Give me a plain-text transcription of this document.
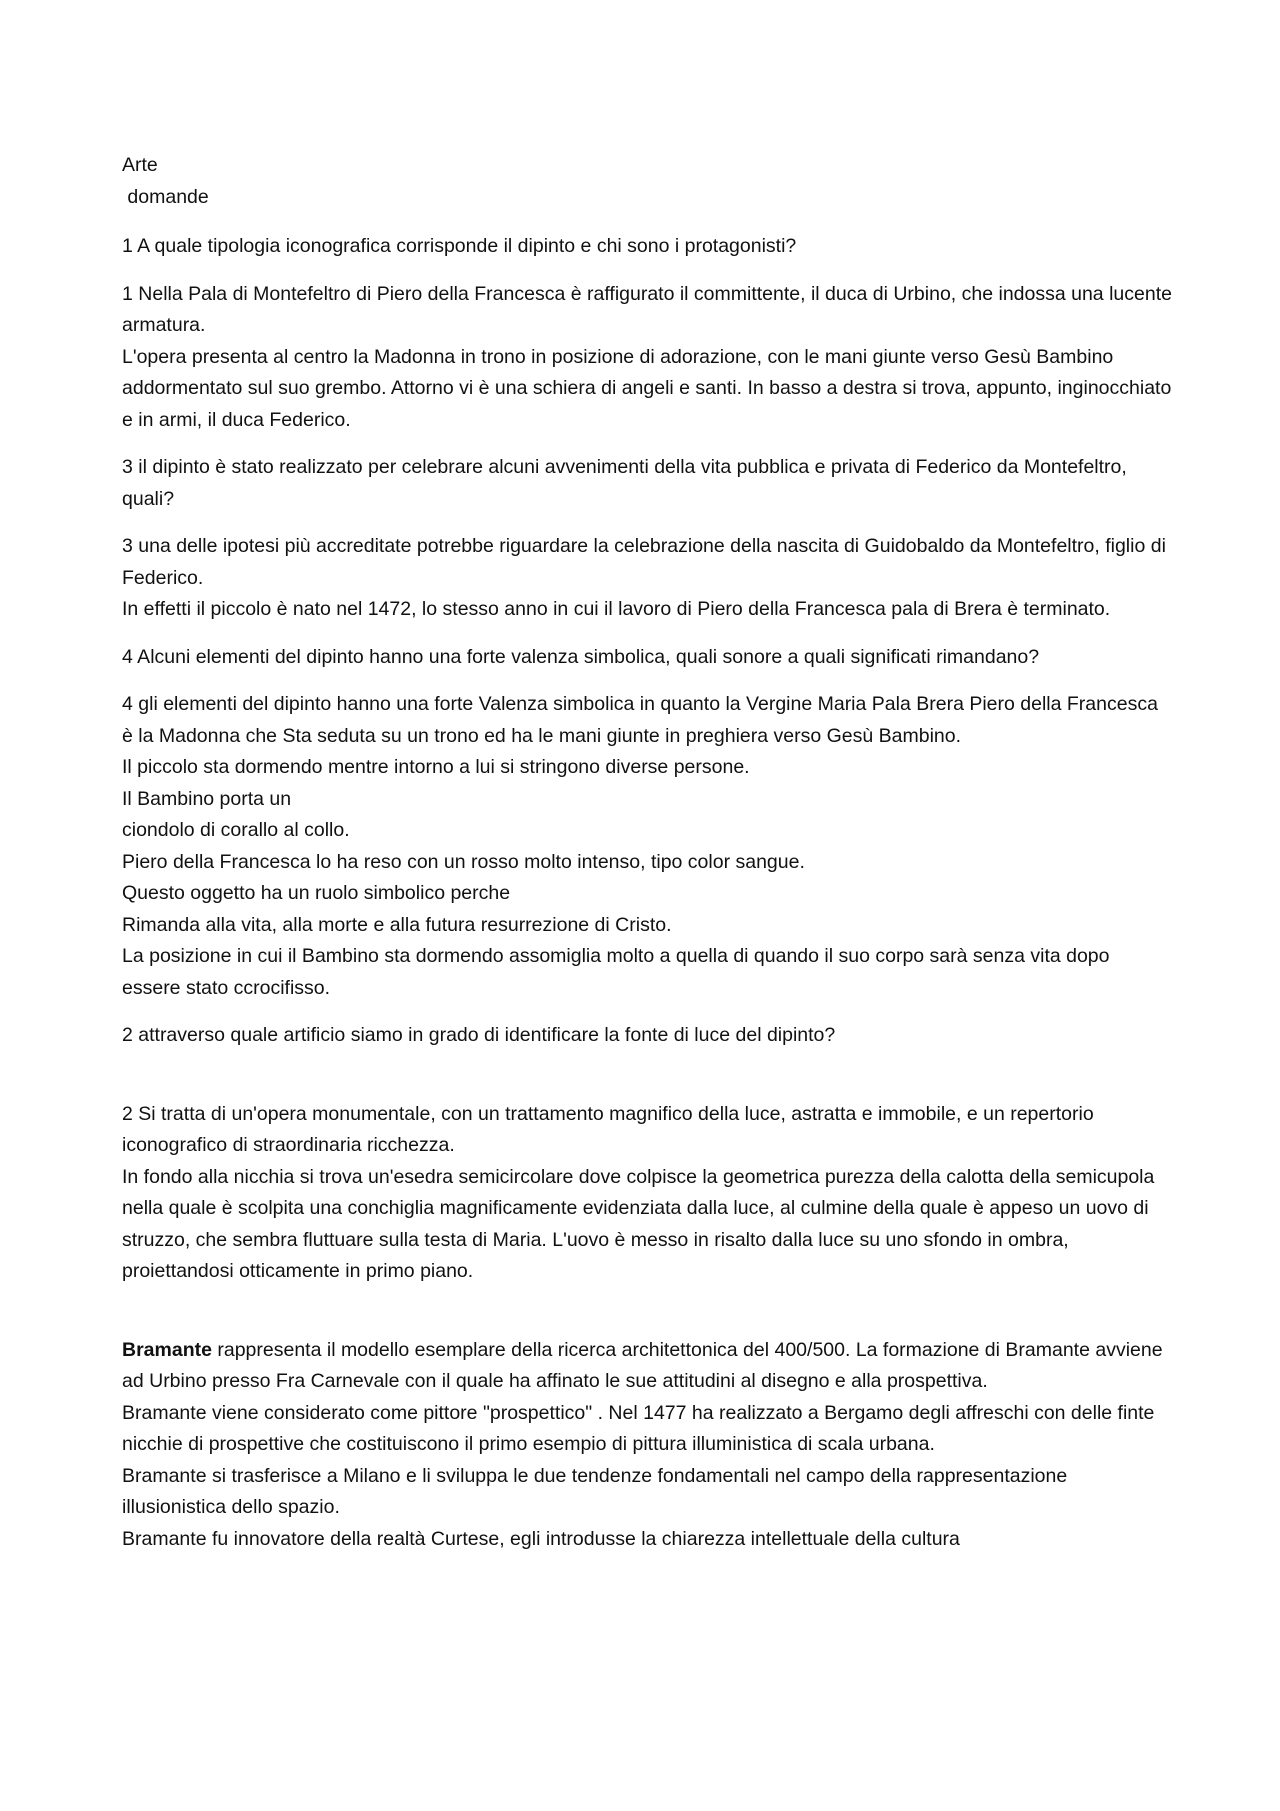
Arte

domande

1 A quale tipologia iconografica corrisponde il dipinto e chi sono i protagonisti?

1 Nella Pala di Montefeltro di Piero della Francesca è raffigurato il committente, il duca di Urbino, che indossa una lucente armatura.
L'opera presenta al centro la Madonna in trono in posizione di adorazione, con le mani giunte verso Gesù Bambino addormentato sul suo grembo. Attorno vi è una schiera di angeli e santi. In basso a destra si trova, appunto, inginocchiato e in armi, il duca Federico.

3 il dipinto è stato realizzato per celebrare alcuni avvenimenti della vita pubblica e privata di Federico da Montefeltro, quali?

3 una delle ipotesi più accreditate potrebbe riguardare la celebrazione della nascita di Guidobaldo da Montefeltro, figlio di Federico.
In effetti il piccolo è nato nel 1472, lo stesso anno in cui il lavoro di Piero della Francesca pala di Brera è terminato.

4 Alcuni elementi del dipinto hanno una forte valenza simbolica, quali sonore a quali significati rimandano?

4 gli elementi del dipinto hanno una forte Valenza simbolica in quanto la Vergine Maria Pala Brera Piero della Francesca è la Madonna che Sta seduta su un trono ed ha le mani giunte in preghiera verso Gesù Bambino.
Il piccolo sta dormendo mentre intorno a lui si stringono diverse persone.
Il Bambino porta un
ciondolo di corallo al collo.
Piero della Francesca lo ha reso con un rosso molto intenso, tipo color sangue.
Questo oggetto ha un ruolo simbolico perche
Rimanda alla vita, alla morte e alla futura resurrezione di Cristo.
La posizione in cui il Bambino sta dormendo assomiglia molto a quella di quando il suo corpo sarà senza vita dopo essere stato ccrocifisso.

2 attraverso quale artificio siamo in grado di identificare la fonte di luce del dipinto?

2 Si tratta di un'opera monumentale, con un trattamento magnifico della luce, astratta e immobile, e un repertorio iconografico di straordinaria ricchezza.
In fondo alla nicchia si trova un'esedra semicircolare dove colpisce la geometrica purezza della calotta della semicupola nella quale è scolpita una conchiglia magnificamente evidenziata dalla luce, al culmine della quale è appeso un uovo di struzzo, che sembra fluttuare sulla testa di Maria. L'uovo è messo in risalto dalla luce su uno sfondo in ombra, proiettandosi otticamente in primo piano.

Bramante rappresenta il modello esemplare della ricerca architettonica del 400/500. La formazione di Bramante avviene ad Urbino presso Fra Carnevale con il quale ha affinato le sue attitudini al disegno e alla prospettiva.
Bramante viene considerato come pittore "prospettico" . Nel 1477 ha realizzato a Bergamo degli affreschi con delle finte nicchie di prospettive che costituiscono il primo esempio di pittura illuministica di scala urbana.
Bramante si trasferisce a Milano e li sviluppa le due tendenze fondamentali nel campo della rappresentazione illusionistica dello spazio.
Bramante fu innovatore della realtà Curtese, egli introdusse la chiarezza intellettuale della cultura
